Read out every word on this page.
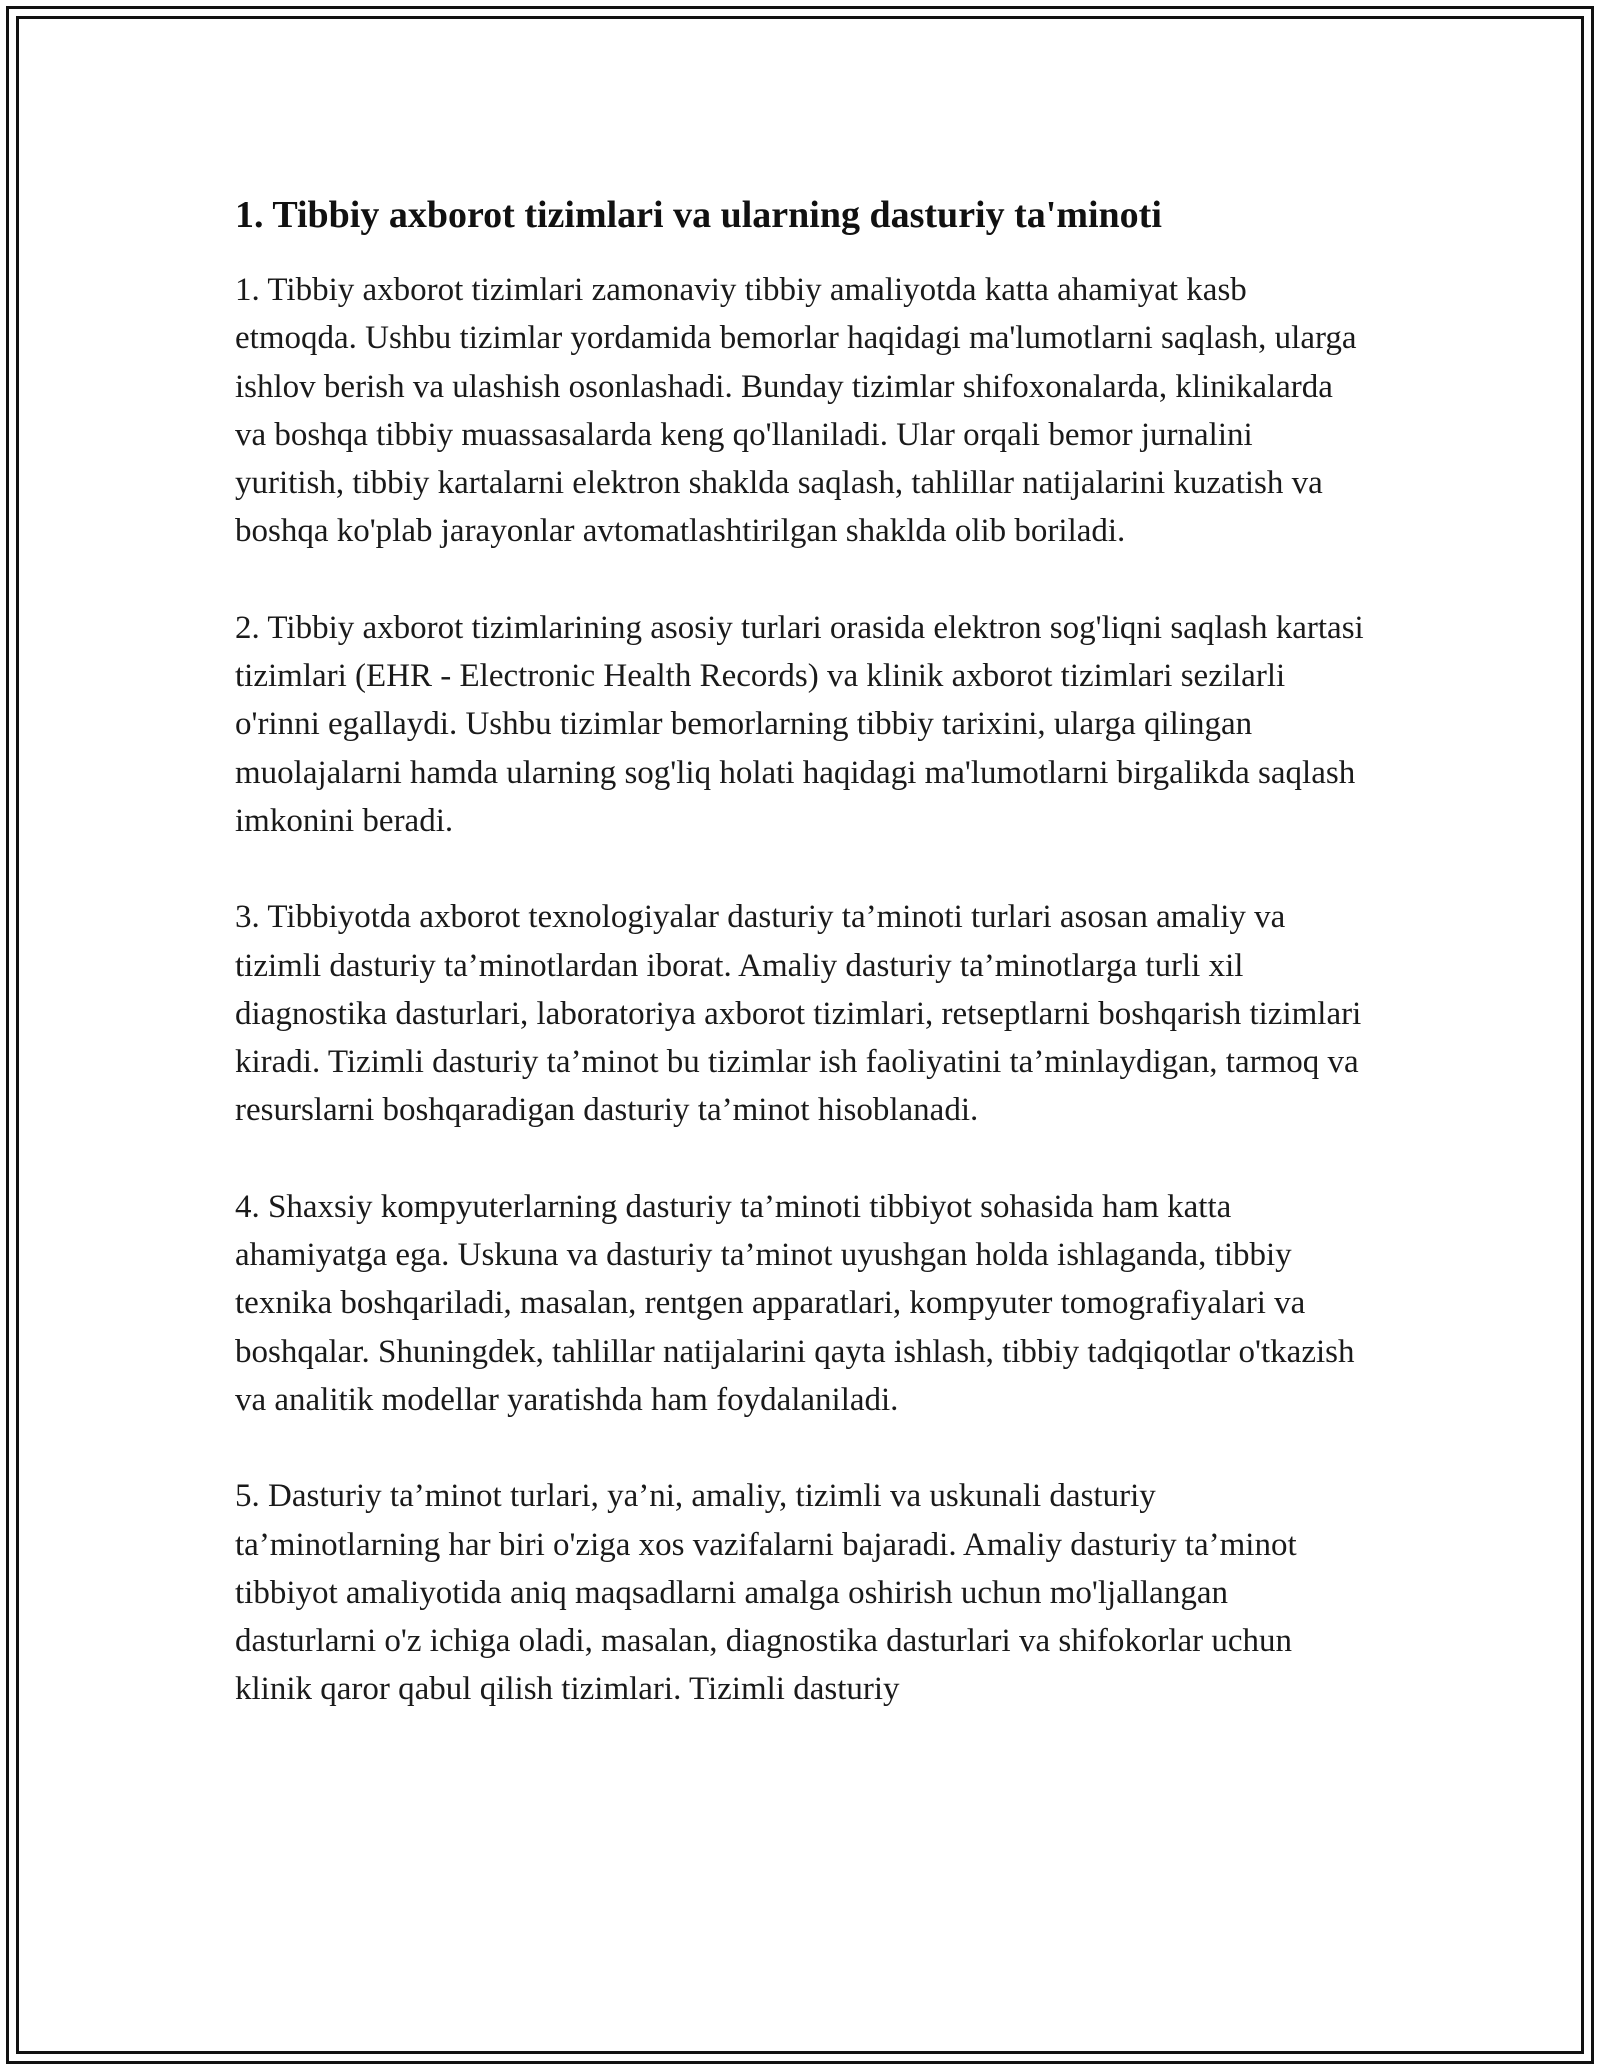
1. Tibbiy axborot tizimlari va ularning dasturiy ta'minoti

1. Tibbiy axborot tizimlari zamonaviy tibbiy amaliyotda katta ahamiyat kasb etmoqda. Ushbu tizimlar yordamida bemorlar haqidagi ma'lumotlarni saqlash, ularga ishlov berish va ulashish osonlashadi. Bunday tizimlar shifoxonalarda, klinikalarda va boshqa tibbiy muassasalarda keng qo'llaniladi. Ular orqali bemor jurnalini yuritish, tibbiy kartalarni elektron shaklda saqlash, tahlillar natijalarini kuzatish va boshqa ko'plab jarayonlar avtomatlashtirilgan shaklda olib boriladi.

2. Tibbiy axborot tizimlarining asosiy turlari orasida elektron sog'liqni saqlash kartasi tizimlari (EHR - Electronic Health Records) va klinik axborot tizimlari sezilarli o'rinni egallaydi. Ushbu tizimlar bemorlarning tibbiy tarixini, ularga qilingan muolajalarni hamda ularning sog'liq holati haqidagi ma'lumotlarni birgalikda saqlash imkonini beradi.

3. Tibbiyotda axborot texnologiyalar dasturiy ta’minoti turlari asosan amaliy va tizimli dasturiy ta’minotlardan iborat. Amaliy dasturiy ta’minotlarga turli xil diagnostika dasturlari, laboratoriya axborot tizimlari, retseptlarni boshqarish tizimlari kiradi. Tizimli dasturiy ta’minot bu tizimlar ish faoliyatini ta’minlaydigan, tarmoq va resurslarni boshqaradigan dasturiy ta’minot hisoblanadi.

4. Shaxsiy kompyuterlarning dasturiy ta’minoti tibbiyot sohasida ham katta ahamiyatga ega. Uskuna va dasturiy ta’minot uyushgan holda ishlaganda, tibbiy texnika boshqariladi, masalan, rentgen apparatlari, kompyuter tomografiyalari va boshqalar. Shuningdek, tahlillar natijalarini qayta ishlash, tibbiy tadqiqotlar o'tkazish va analitik modellar yaratishda ham foydalaniladi.

5. Dasturiy ta’minot turlari, ya’ni, amaliy, tizimli va uskunali dasturiy ta’minotlarning har biri o'ziga xos vazifalarni bajaradi. Amaliy dasturiy ta’minot tibbiyot amaliyotida aniq maqsadlarni amalga oshirish uchun mo'ljallangan dasturlarni o'z ichiga oladi, masalan, diagnostika dasturlari va shifokorlar uchun klinik qaror qabul qilish tizimlari. Tizimli dasturiy
